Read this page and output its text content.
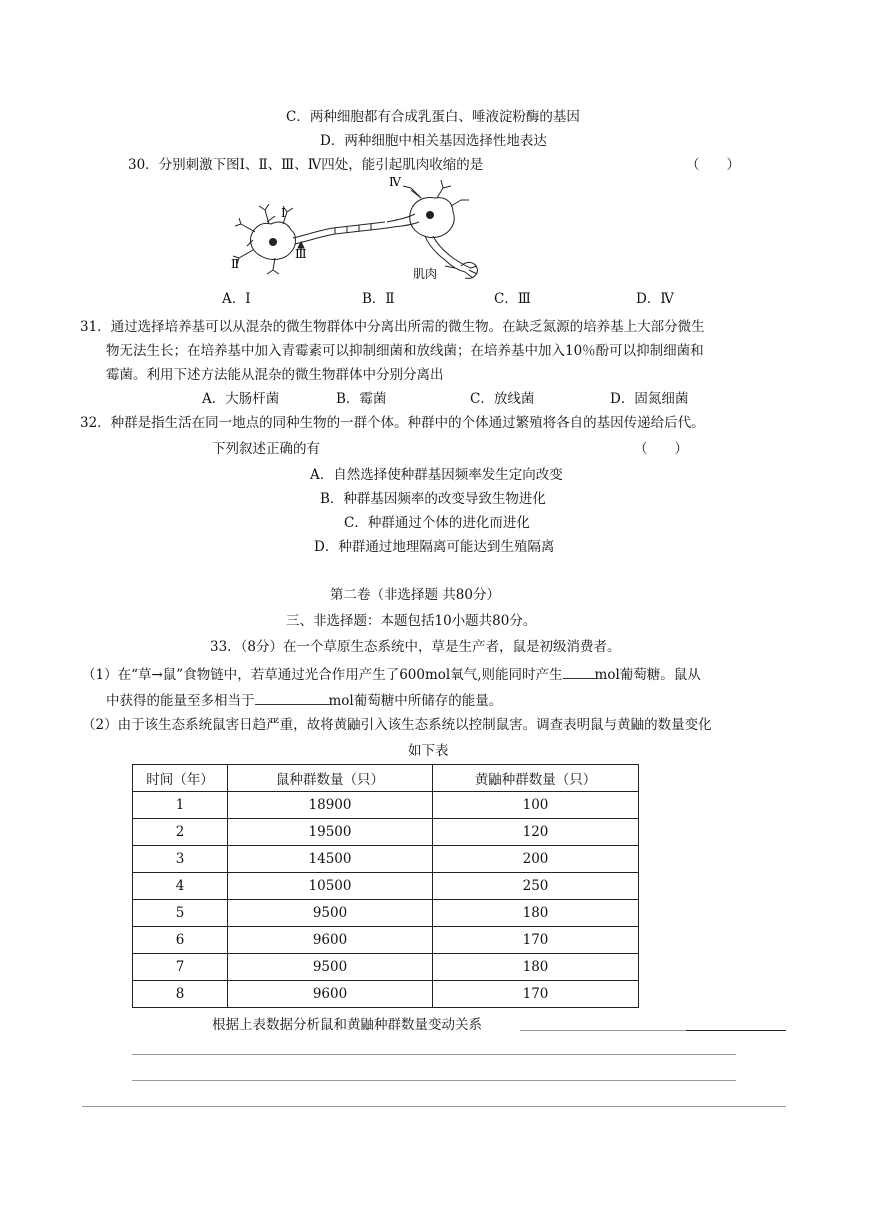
C．两种细胞都有合成乳蛋白、唾液淀粉酶的基因
D．两种细胞中相关基因选择性地表达
30．分别刺激下图Ⅰ、Ⅱ、Ⅲ、Ⅳ四处，能引起肌肉收缩的是	（　　）
Ⅰ
Ⅱ
Ⅲ
Ⅳ
肌肉
A．Ⅰ	B．Ⅱ	C．Ⅲ	D．Ⅳ
31．通过选择培养基可以从混杂的微生物群体中分离出所需的微生物。在缺乏氮源的培养基上大部分微生
物无法生长；在培养基中加入青霉素可以抑制细菌和放线菌；在培养基中加入10％酚可以抑制细菌和
霉菌。利用下述方法能从混杂的微生物群体中分别分离出
A．大肠杆菌	B．霉菌	C．放线菌	D．固氮细菌
32．种群是指生活在同一地点的同种生物的一群个体。种群中的个体通过繁殖将各自的基因传递给后代。
下列叙述正确的有	（　　）
A．自然选择使种群基因频率发生定向改变
B．种群基因频率的改变导致生物进化
C．种群通过个体的进化而进化
D．种群通过地理隔离可能达到生殖隔离
第二卷（非选择题 共80分）
三、非选择题：本题包括10小题共80分。
33．（8分）在一个草原生态系统中，草是生产者，鼠是初级消费者。
（1）在“草→鼠”食物链中，若草通过光合作用产生了600mol氧气,则能同时产生 mol葡萄糖。鼠从
中获得的能量至多相当于	mol葡萄糖中所储存的能量。
（2）由于该生态系统鼠害日趋严重，故将黄鼬引入该生态系统以控制鼠害。调查表明鼠与黄鼬的数量变化
如下表
时间（年）	鼠种群数量（只）	黄鼬种群数量（只）
1	18900	100
2	19500	120
3	14500	200
4	10500	250
5	9500	180
6	9600	170
7	9500	180
8	9600	170
根据上表数据分析鼠和黄鼬种群数量变动关系
